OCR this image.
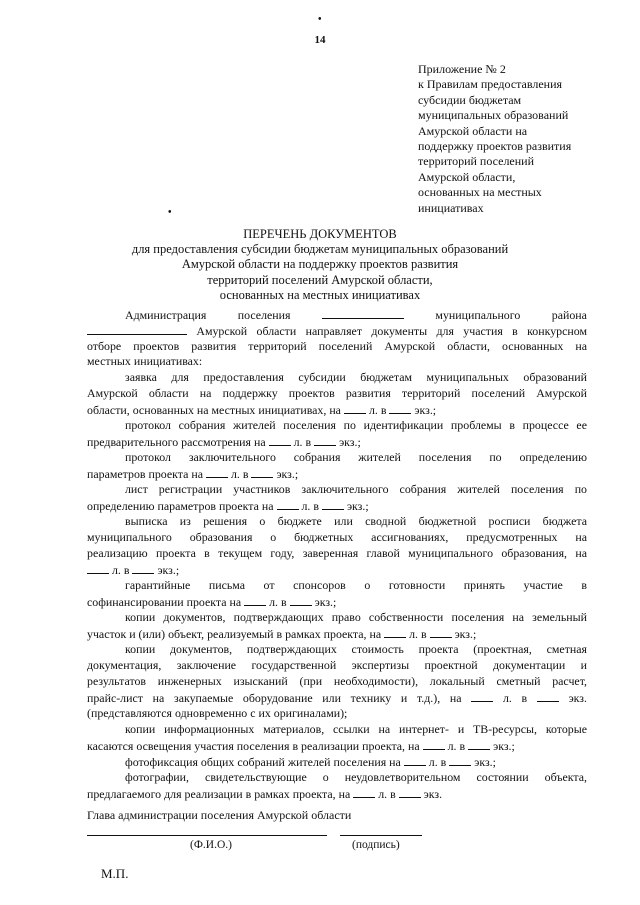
14
•
•
Приложение № 2
к Правилам предоставления
субсидии бюджетам
муниципальных образований
Амурской области на
поддержку проектов развития
территорий поселений
Амурской области,
основанных на местных
инициативах
ПЕРЕЧЕНЬ ДОКУМЕНТОВ
для предоставления субсидии бюджетам муниципальных образований
Амурской области на поддержку проектов развития
территорий поселений Амурской области,
основанных на местных инициативах
Администрация	поселения	муниципального	района
Амурской области направляет документы для участия в конкурсном
отборе проектов развития территорий поселений Амурской области, основанных на
местных инициативах:
заявка для предоставления субсидии бюджетам муниципальных образований
Амурской области на поддержку проектов развития территорий поселений Амурской
области, основанных на местных инициативах, на л. в экз.;
протокол собрания жителей поселения по идентификации проблемы в процессе ее
предварительного рассмотрения на л. в экз.;
протокол заключительного собрания жителей поселения по определению
параметров проекта на л. в экз.;
лист регистрации участников заключительного собрания жителей поселения по
определению параметров проекта на л. в экз.;
выписка из решения о бюджете или сводной бюджетной росписи бюджета
муниципального образования о бюджетных ассигнованиях, предусмотренных на
реализацию проекта в текущем году, заверенная главой муниципального образования, на
л. в экз.;
гарантийные письма от спонсоров о готовности принять участие в
софинансировании проекта на л. в экз.;
копии документов, подтверждающих право собственности поселения на земельный
участок и (или) объект, реализуемый в рамках проекта, на л. в экз.;
копии документов, подтверждающих стоимость проекта (проектная, сметная
документация, заключение государственной экспертизы проектной документации и
результатов инженерных изысканий (при необходимости), локальный сметный расчет,
прайс-лист на закупаемые оборудование или технику и т.д.), на	л. в	экз.
(представляются одновременно с их оригиналами);
копии информационных материалов, ссылки на интернет- и ТВ-ресурсы, которые
касаются освещения участия поселения в реализации проекта, на л. в экз.;
фотофиксация общих собраний жителей поселения на л. в экз.;
фотографии, свидетельствующие о неудовлетворительном состоянии объекта,
предлагаемого для реализации в рамках проекта, на л. в экз.
Глава администрации поселения Амурской области
(Ф.И.О.)	(подпись)
М.П.
